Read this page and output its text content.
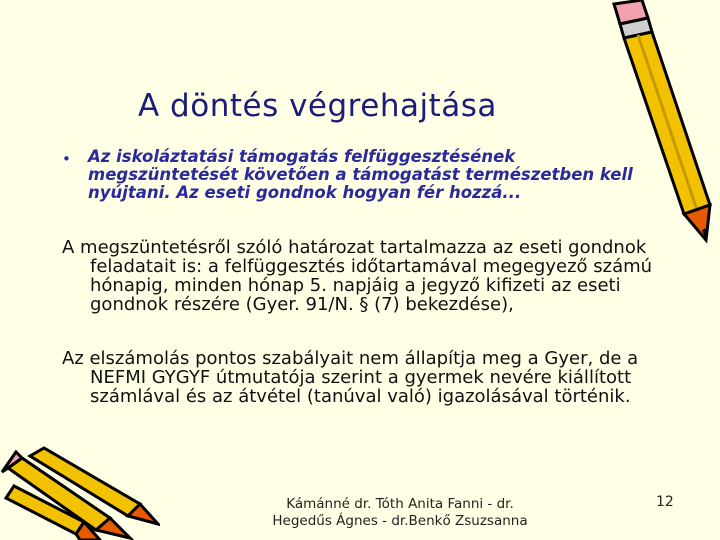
A döntés végrehajtása
• Az iskoláztatási támogatás felfüggesztésének megszüntetését követően a támogatást természetben kell nyújtani. Az eseti gondnok hogyan fér hozzá...
A megszüntetésről szóló határozat tartalmazza az eseti gondnok feladatait is: a felfüggesztés időtartamával megegyező számú hónapig, minden hónap 5. napjáig a jegyző kifizeti az eseti gondnok részére (Gyer. 91/N. § (7) bekezdése),
Az elszámolás pontos szabályait nem állapítja meg a Gyer, de a NEFMI GYGYF útmutatója szerint a gyermek nevére kiállított számlával és az átvétel (tanúval való) igazolásával történik.
Kámánné dr. Tóth Anita Fanni - dr. Hegedűs Ágnes - dr.Benkő Zsuzsanna
12
